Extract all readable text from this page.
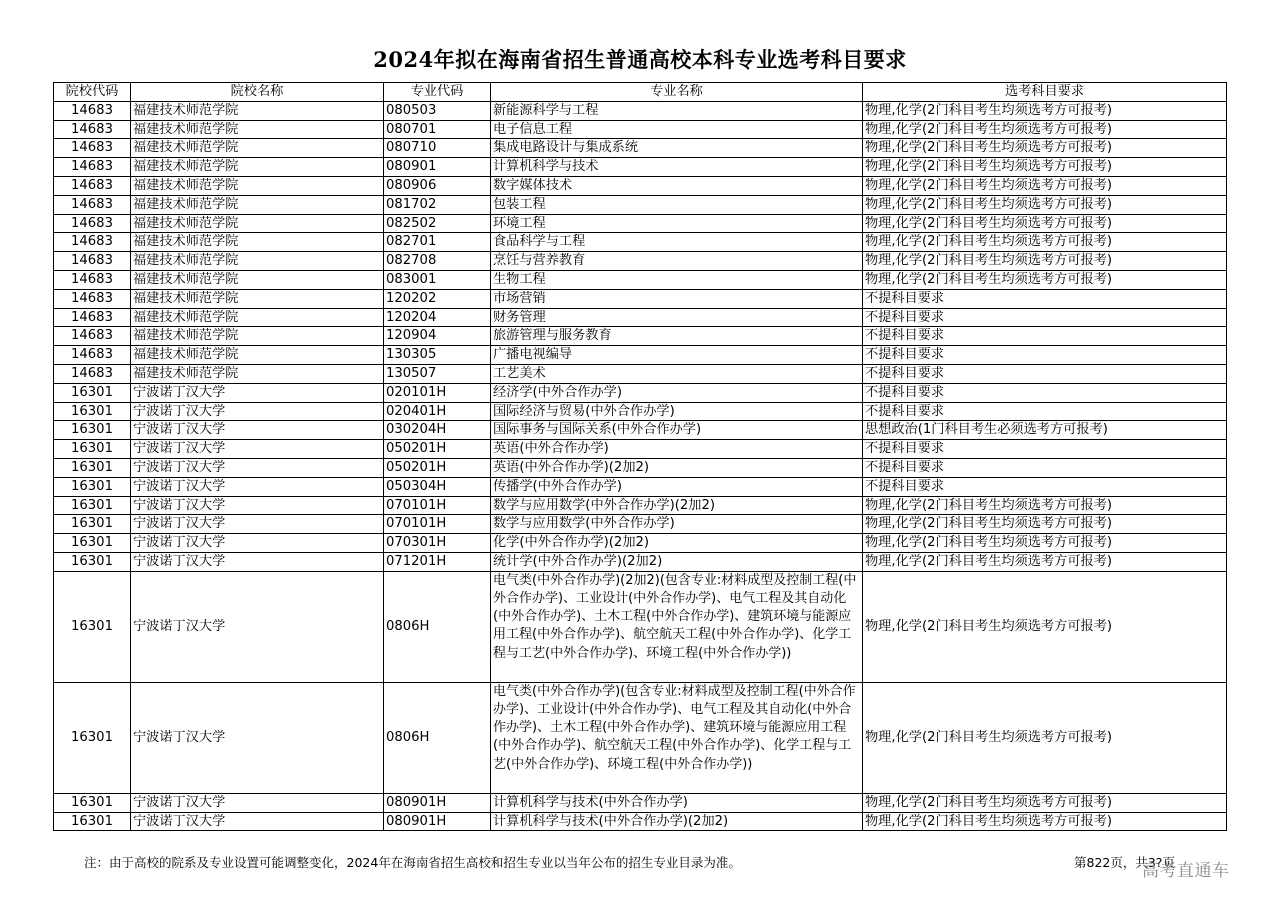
2024年拟在海南省招生普通高校本科专业选考科目要求
院校代码	院校名称	专业代码	专业名称	选考科目要求
14683	福建技术师范学院	080503	新能源科学与工程	物理,化学(2门科目考生均须选考方可报考)
14683	福建技术师范学院	080701	电子信息工程	物理,化学(2门科目考生均须选考方可报考)
14683	福建技术师范学院	080710	集成电路设计与集成系统	物理,化学(2门科目考生均须选考方可报考)
14683	福建技术师范学院	080901	计算机科学与技术	物理,化学(2门科目考生均须选考方可报考)
14683	福建技术师范学院	080906	数字媒体技术	物理,化学(2门科目考生均须选考方可报考)
14683	福建技术师范学院	081702	包装工程	物理,化学(2门科目考生均须选考方可报考)
14683	福建技术师范学院	082502	环境工程	物理,化学(2门科目考生均须选考方可报考)
14683	福建技术师范学院	082701	食品科学与工程	物理,化学(2门科目考生均须选考方可报考)
14683	福建技术师范学院	082708	烹饪与营养教育	物理,化学(2门科目考生均须选考方可报考)
14683	福建技术师范学院	083001	生物工程	物理,化学(2门科目考生均须选考方可报考)
14683	福建技术师范学院	120202	市场营销	不提科目要求
14683	福建技术师范学院	120204	财务管理	不提科目要求
14683	福建技术师范学院	120904	旅游管理与服务教育	不提科目要求
14683	福建技术师范学院	130305	广播电视编导	不提科目要求
14683	福建技术师范学院	130507	工艺美术	不提科目要求
16301	宁波诺丁汉大学	020101H	经济学(中外合作办学)	不提科目要求
16301	宁波诺丁汉大学	020401H	国际经济与贸易(中外合作办学)	不提科目要求
16301	宁波诺丁汉大学	030204H	国际事务与国际关系(中外合作办学)	思想政治(1门科目考生必须选考方可报考)
16301	宁波诺丁汉大学	050201H	英语(中外合作办学)	不提科目要求
16301	宁波诺丁汉大学	050201H	英语(中外合作办学)(2加2)	不提科目要求
16301	宁波诺丁汉大学	050304H	传播学(中外合作办学)	不提科目要求
16301	宁波诺丁汉大学	070101H	数学与应用数学(中外合作办学)(2加2)	物理,化学(2门科目考生均须选考方可报考)
16301	宁波诺丁汉大学	070101H	数学与应用数学(中外合作办学)	物理,化学(2门科目考生均须选考方可报考)
16301	宁波诺丁汉大学	070301H	化学(中外合作办学)(2加2)	物理,化学(2门科目考生均须选考方可报考)
16301	宁波诺丁汉大学	071201H	统计学(中外合作办学)(2加2)	物理,化学(2门科目考生均须选考方可报考)
16301	宁波诺丁汉大学	0806H	电气类(中外合作办学)(2加2)(包含专业:材料成型及控制工程(中外合作办学)、工业设计(中外合作办学)、电气工程及其自动化(中外合作办学)、土木工程(中外合作办学)、建筑环境与能源应用工程(中外合作办学)、航空航天工程(中外合作办学)、化学工程与工艺(中外合作办学)、环境工程(中外合作办学))	物理,化学(2门科目考生均须选考方可报考)
16301	宁波诺丁汉大学	0806H	电气类(中外合作办学)(包含专业:材料成型及控制工程(中外合作办学)、工业设计(中外合作办学)、电气工程及其自动化(中外合作办学)、土木工程(中外合作办学)、建筑环境与能源应用工程(中外合作办学)、航空航天工程(中外合作办学)、化学工程与工艺(中外合作办学)、环境工程(中外合作办学))	物理,化学(2门科目考生均须选考方可报考)
16301	宁波诺丁汉大学	080901H	计算机科学与技术(中外合作办学)	物理,化学(2门科目考生均须选考方可报考)
16301	宁波诺丁汉大学	080901H	计算机科学与技术(中外合作办学)(2加2)	物理,化学(2门科目考生均须选考方可报考)
注：由于高校的院系及专业设置可能调整变化，2024年在海南省招生高校和招生专业以当年公布的招生专业目录为准。	第822页，共3?页
高考直通车
